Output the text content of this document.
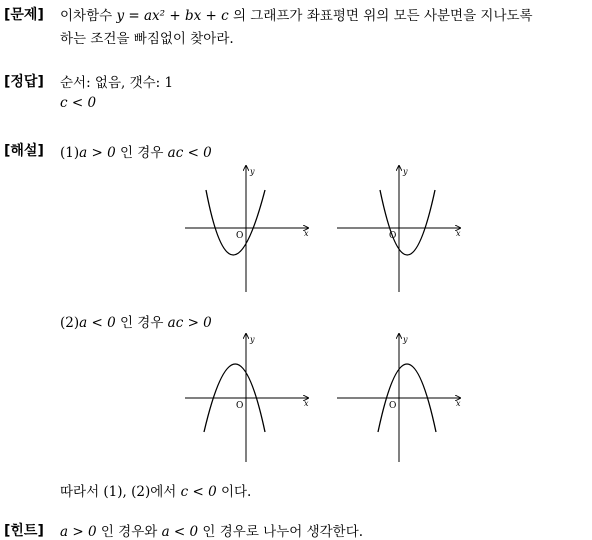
[문제] 이차함수 y = ax² + bx + c 의 그래프가 좌표평면 위의 모든 사분면을 지나도록
하는 조건을 빠짐없이 찾아라.
[정답] 순서: 없음, 갯수: 1
c < 0
[해설] (1)a > 0 인 경우 ac < 0
x
y
O	x
y
O
(2)a < 0 인 경우 ac > 0
x
y
O	x
y
O
따라서 (1), (2)에서 c < 0 이다.
[힌트] a > 0 인 경우와 a < 0 인 경우로 나누어 생각한다.
